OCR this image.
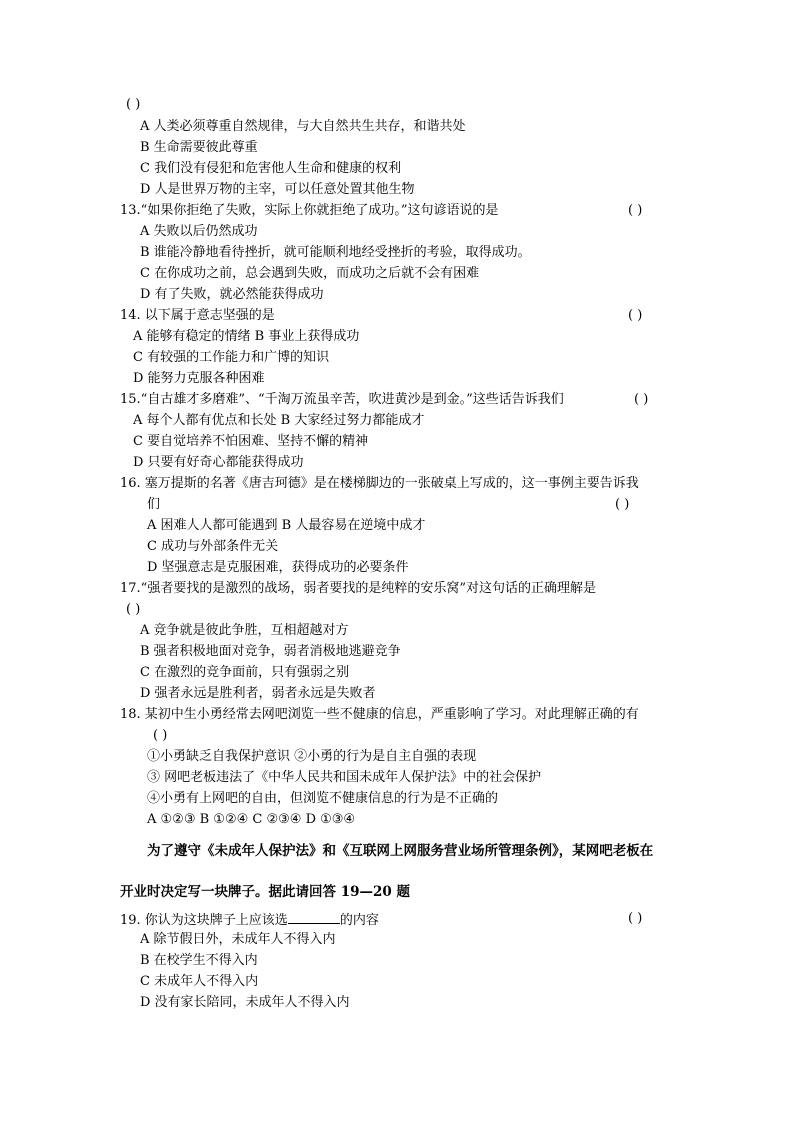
( )
A 人类必须尊重自然规律，与大自然共生共存，和谐共处
B 生命需要彼此尊重
C 我们没有侵犯和危害他人生命和健康的权利
D 人是世界万物的主宰，可以任意处置其他生物
13.“如果你拒绝了失败，实际上你就拒绝了成功。”这句谚语说的是
A 失败以后仍然成功
B 谁能冷静地看待挫折，就可能顺利地经受挫折的考验，取得成功。
C 在你成功之前，总会遇到失败，而成功之后就不会有困难
D 有了失败，就必然能获得成功
14. 以下属于意志坚强的是
A 能够有稳定的情绪 B 事业上获得成功
C 有较强的工作能力和广博的知识
D 能努力克服各种困难
15.“自古雄才多磨难”、“千淘万流虽辛苦，吹进黄沙是到金。”这些话告诉我们
A 每个人都有优点和长处 B 大家经过努力都能成才
C 要自觉培养不怕困难、坚持不懈的精神
D 只要有好奇心都能获得成功
16. 塞万提斯的名著《唐吉珂德》是在楼梯脚边的一张破桌上写成的，这一事例主要告诉我
们
A 困难人人都可能遇到 B 人最容易在逆境中成才
C 成功与外部条件无关
D 坚强意志是克服困难，获得成功的必要条件
17.“强者要找的是激烈的战场，弱者要找的是纯粹的安乐窝”对这句话的正确理解是
( )
A 竞争就是彼此争胜，互相超越对方
B 强者积极地面对竞争，弱者消极地逃避竞争
C 在激烈的竞争面前，只有强弱之别
D 强者永远是胜利者，弱者永远是失败者
18. 某初中生小勇经常去网吧浏览一些不健康的信息，严重影响了学习。对此理解正确的有
( )
①小勇缺乏自我保护意识 ②小勇的行为是自主自强的表现
③ 网吧老板违法了《中华人民共和国未成年人保护法》中的社会保护
④小勇有上网吧的自由，但浏览不健康信息的行为是不正确的
A ①②③ B ①②④ C ②③④ D ①③④
为了遵守《未成年人保护法》和《互联网上网服务营业场所管理条例》，某网吧老板在
开业时决定写一块牌子。据此请回答 19—20 题
A 除节假日外，未成年人不得入内
B 在校学生不得入内
C 未成年人不得入内
D 没有家长陪同，未成年人不得入内
( )
( )
( )
( )
( )
19. 你认为这块牌子上应该选	的内容
